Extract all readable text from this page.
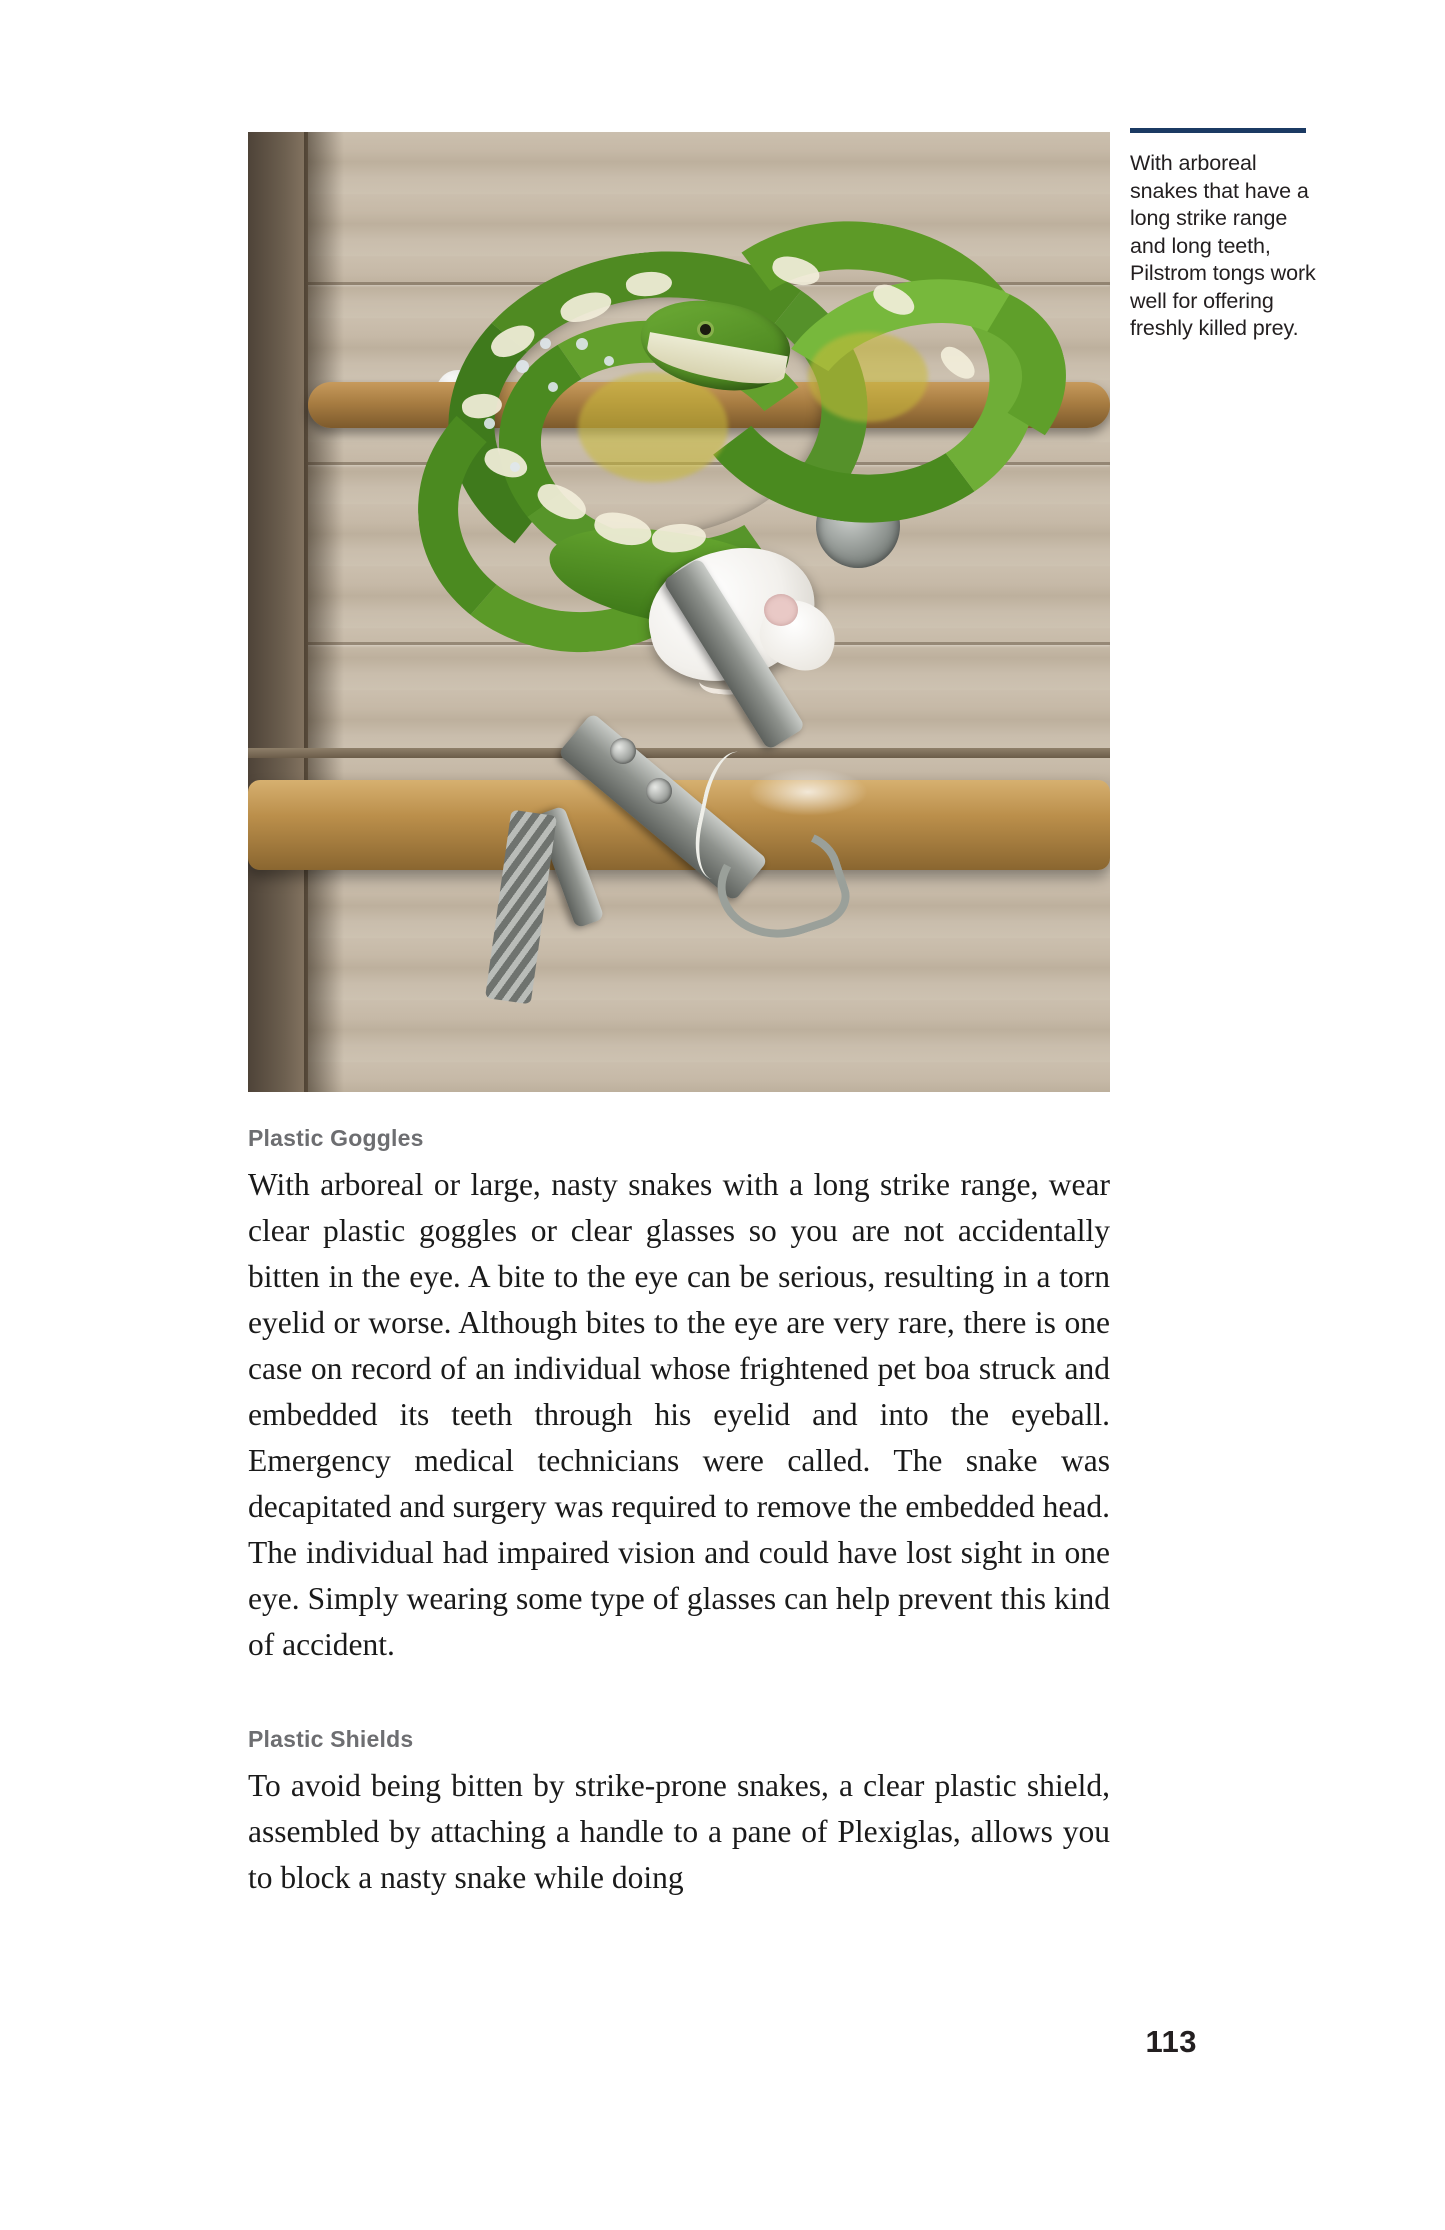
With arboreal snakes that have a long strike range and long teeth, Pilstrom tongs work well for offering freshly killed prey.
Plastic Goggles

With arboreal or large, nasty snakes with a long strike range, wear clear plastic goggles or clear glasses so you are not accidentally bitten in the eye. A bite to the eye can be serious, resulting in a torn eyelid or worse. Although bites to the eye are very rare, there is one case on record of an individual whose frightened pet boa struck and embedded its teeth through his eyelid and into the eyeball. Emergency medical technicians were called. The snake was decapitated and surgery was required to remove the embedded head. The individual had impaired vision and could have lost sight in one eye. Simply wearing some type of glasses can help prevent this kind of accident.

Plastic Shields

To avoid being bitten by strike-prone snakes, a clear plastic shield, assembled by attaching a handle to a pane of Plexiglas, allows you to block a nasty snake while doing

113
